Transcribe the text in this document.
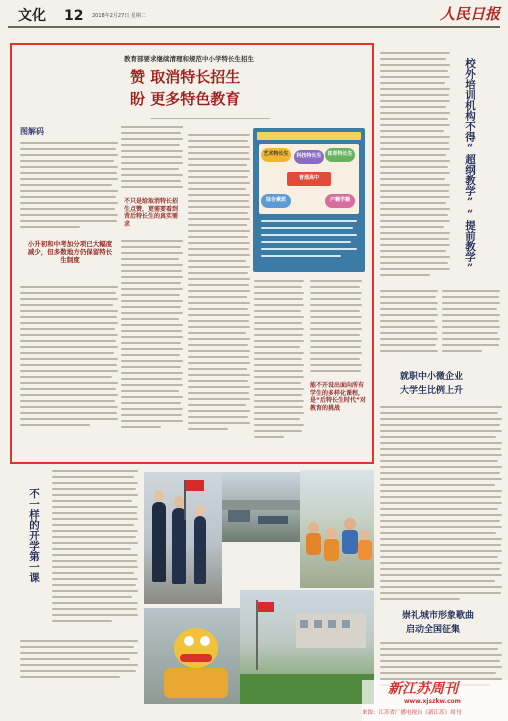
文化 12 2018年2月27日 星期二	人民日报
图解码
小升初和中考加分项已大幅度减少，但多数地方仍保留特长生制度
教育部要求继续清理和规范中小学特长生招生
赞 取消特长招生
盼 更多特色教育
不只是给取消特长招生点赞，更需要看到背后特长生的真实需求
普通高中
艺术特长生	体育特长生
综合素质	户籍学籍
科技特长生
能不开设出面向所有学生的多样化课程，是“后特长生时代”对教育的挑战
校外培训机构不得“超纲教学”“提前教学”
就职中小微企业
大学生比例上升
崇礼城市形象歌曲
启动全国征集
不一样的开学第一课
新江苏周刊
www.xjszkw.com
来源：江苏省广播电视台《新江苏》周刊
